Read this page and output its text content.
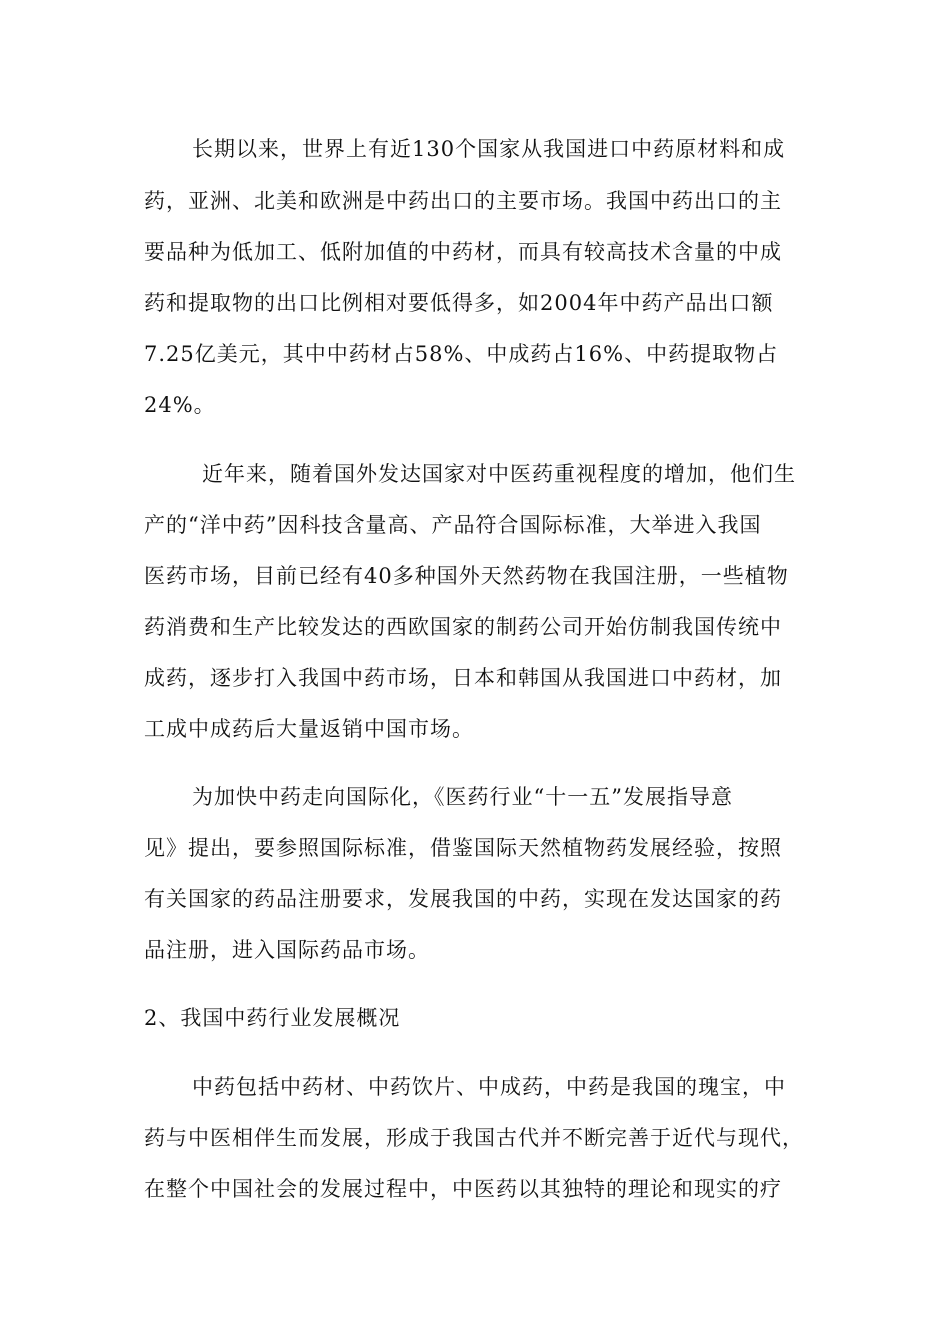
长期以来，世界上有近130个国家从我国进口中药原材料和成
药，亚洲、北美和欧洲是中药出口的主要市场。我国中药出口的主
要品种为低加工、低附加值的中药材，而具有较高技术含量的中成
药和提取物的出口比例相对要低得多，如2004年中药产品出口额
7.25亿美元，其中中药材占58%、中成药占16%、中药提取物占
24%。
近年来，随着国外发达国家对中医药重视程度的增加，他们生
产的“洋中药”因科技含量高、产品符合国际标准，大举进入我国
医药市场，目前已经有40多种国外天然药物在我国注册，一些植物
药消费和生产比较发达的西欧国家的制药公司开始仿制我国传统中
成药，逐步打入我国中药市场，日本和韩国从我国进口中药材，加
工成中成药后大量返销中国市场。
为加快中药走向国际化，《医药行业“十一五”发展指导意
见》提出，要参照国际标准，借鉴国际天然植物药发展经验，按照
有关国家的药品注册要求，发展我国的中药，实现在发达国家的药
品注册，进入国际药品市场。
2、我国中药行业发展概况
中药包括中药材、中药饮片、中成药，中药是我国的瑰宝，中
药与中医相伴生而发展，形成于我国古代并不断完善于近代与现代，
在整个中国社会的发展过程中，中医药以其独特的理论和现实的疗
